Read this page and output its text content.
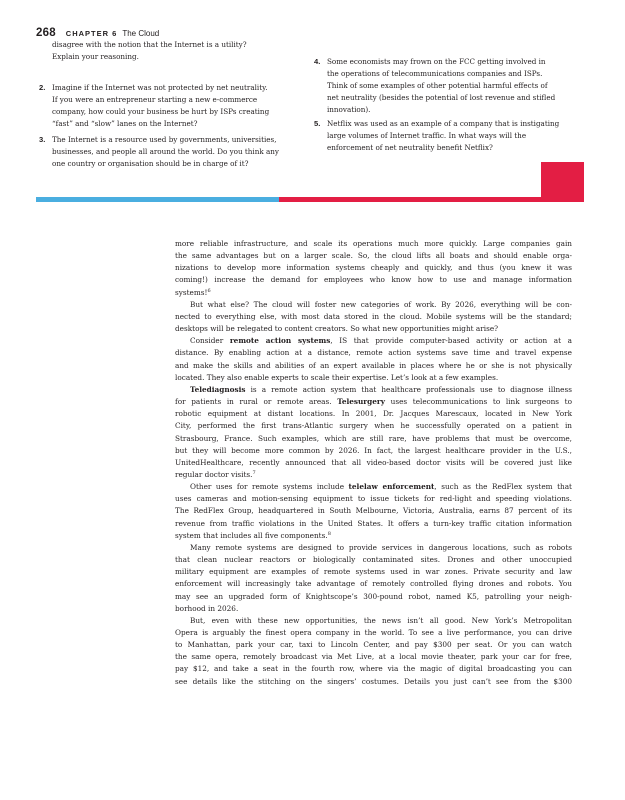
268 CHAPTER 6 The Cloud
disagree with the notion that the Internet is a utility?
Explain your reasoning.
2. Imagine if the Internet was not protected by net neutrality.
If you were an entrepreneur starting a new e-commerce
company, how could your business be hurt by ISPs creating
“fast” and “slow” lanes on the Internet?
3. The Internet is a resource used by governments, universities,
businesses, and people all around the world. Do you think any
one country or organisation should be in charge of it?
4. Some economists may frown on the FCC getting involved in
the operations of telecommunications companies and ISPs.
Think of some examples of other potential harmful effects of
net neutrality (besides the potential of lost revenue and stifled
innovation).
5. Netflix was used as an example of a company that is instigating
large volumes of Internet traffic. In what ways will the
enforcement of net neutrality benefit Netflix?
more reliable infrastructure, and scale its operations much more quickly. Large companies gain
the same advantages but on a larger scale. So, the cloud lifts all boats and should enable orga-
nizations to develop more information systems cheaply and quickly, and thus (you knew it was
coming!) increase the demand for employees who know how to use and manage information
systems!$^6$
But what else? The cloud will foster new categories of work. By 2026, everything will be con-
nected to everything else, with most data stored in the cloud. Mobile systems will be the standard;
desktops will be relegated to content creators. So what new opportunities might arise?
Consider remote action systems, IS that provide computer-based activity or action at a
distance. By enabling action at a distance, remote action systems save time and travel expense
and make the skills and abilities of an expert available in places where he or she is not physically
located. They also enable experts to scale their expertise. Let’s look at a few examples.
Telediagnosis is a remote action system that healthcare professionals use to diagnose illness
for patients in rural or remote areas. Telesurgery uses telecommunications to link surgeons to
robotic equipment at distant locations. In 2001, Dr. Jacques Marescaux, located in New York
City, performed the first trans-Atlantic surgery when he successfully operated on a patient in
Strasbourg, France. Such examples, which are still rare, have problems that must be overcome,
but they will become more common by 2026. In fact, the largest healthcare provider in the U.S.,
UnitedHealthcare, recently announced that all video-based doctor visits will be covered just like
regular doctor visits.$^7$
Other uses for remote systems include telelaw enforcement, such as the RedFlex system that
uses cameras and motion-sensing equipment to issue tickets for red-light and speeding violations.
The RedFlex Group, headquartered in South Melbourne, Victoria, Australia, earns 87 percent of its
revenue from traffic violations in the United States. It offers a turn-key traffic citation information
system that includes all five components.$^8$
Many remote systems are designed to provide services in dangerous locations, such as robots
that clean nuclear reactors or biologically contaminated sites. Drones and other unoccupied
military equipment are examples of remote systems used in war zones. Private security and law
enforcement will increasingly take advantage of remotely controlled flying drones and robots. You
may see an upgraded form of Knightscope’s 300-pound robot, named K5, patrolling your neigh-
borhood in 2026.
But, even with these new opportunities, the news isn’t all good. New York’s Metropolitan
Opera is arguably the finest opera company in the world. To see a live performance, you can drive
to Manhattan, park your car, taxi to Lincoln Center, and pay $300 per seat. Or you can watch
the same opera, remotely broadcast via Met Live, at a local movie theater, park your car for free,
pay $12, and take a seat in the fourth row, where via the magic of digital broadcasting you can
see details like the stitching on the singers’ costumes. Details you just can’t see from the $300
